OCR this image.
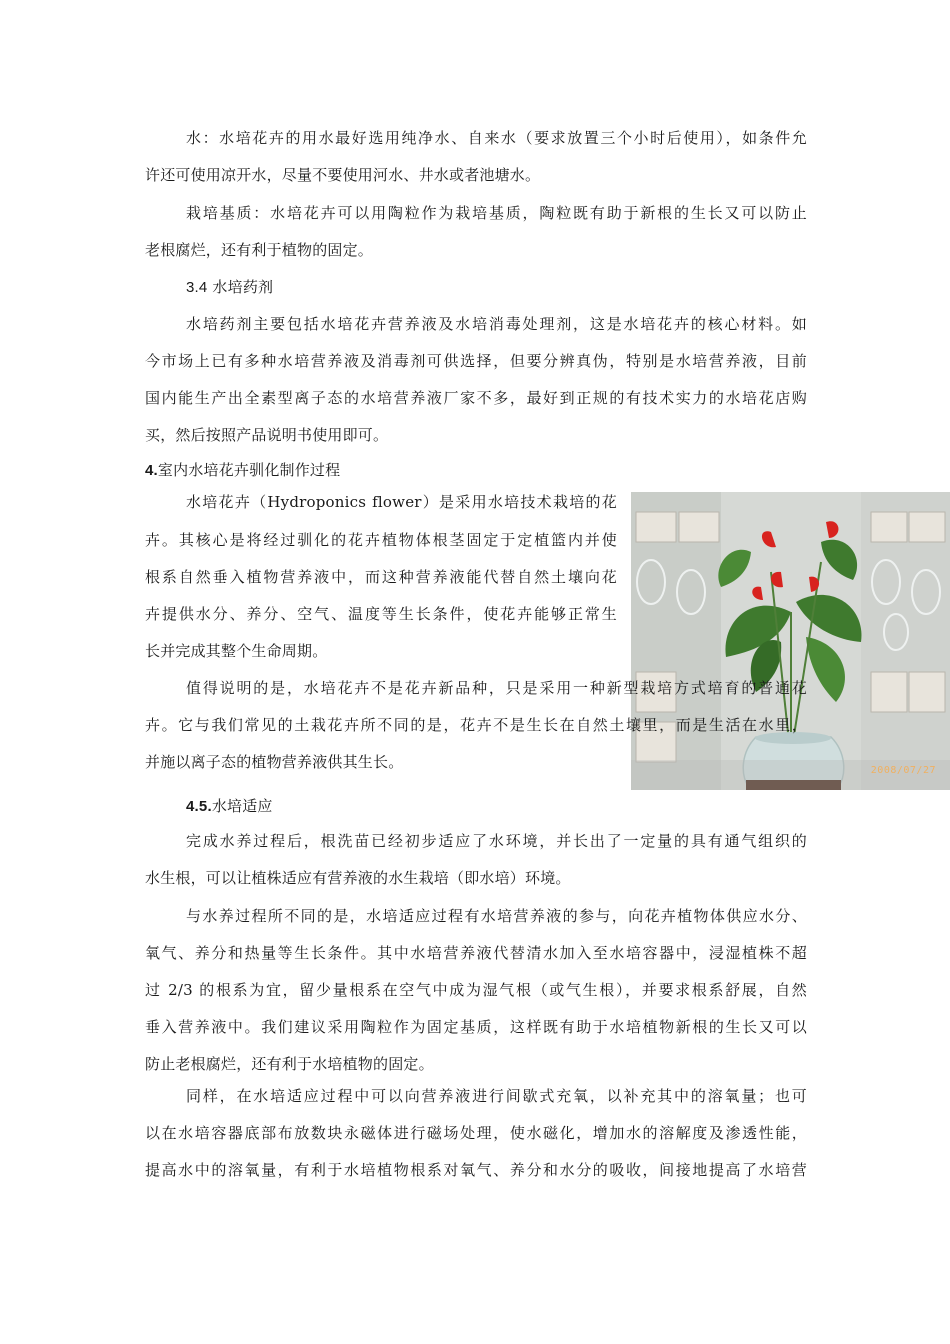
水：水培花卉的用水最好选用纯净水、自来水（要求放置三个小时后使用），如条件允
许还可使用凉开水，尽量不要使用河水、井水或者池塘水。
栽培基质：水培花卉可以用陶粒作为栽培基质，陶粒既有助于新根的生长又可以防止
老根腐烂，还有利于植物的固定。
3.4 水培药剂
水培药剂主要包括水培花卉营养液及水培消毒处理剂，这是水培花卉的核心材料。如
今市场上已有多种水培营养液及消毒剂可供选择，但要分辨真伪，特别是水培营养液，目前
国内能生产出全素型离子态的水培营养液厂家不多，最好到正规的有技术实力的水培花店购
买，然后按照产品说明书使用即可。
4.室内水培花卉驯化制作过程
水培花卉（Hydroponics flower）是采用水培技术栽培的花
卉。其核心是将经过驯化的花卉植物体根茎固定于定植篮内并使
根系自然垂入植物营养液中，而这种营养液能代替自然土壤向花
卉提供水分、养分、空气、温度等生长条件，使花卉能够正常生
长并完成其整个生命周期。
2008/07/27
值得说明的是，水培花卉不是花卉新品种，只是采用一种新型栽培方式培育的普通花
卉。它与我们常见的土栽花卉所不同的是，花卉不是生长在自然土壤里，而是生活在水里，
并施以离子态的植物营养液供其生长。
4.5.水培适应
完成水养过程后，根洗苗已经初步适应了水环境，并长出了一定量的具有通气组织的
水生根，可以让植株适应有营养液的水生栽培（即水培）环境。
与水养过程所不同的是，水培适应过程有水培营养液的参与，向花卉植物体供应水分、
氧气、养分和热量等生长条件。其中水培营养液代替清水加入至水培容器中，浸湿植株不超
过 2/3 的根系为宜，留少量根系在空气中成为湿气根（或气生根），并要求根系舒展，自然
垂入营养液中。我们建议采用陶粒作为固定基质，这样既有助于水培植物新根的生长又可以
防止老根腐烂，还有利于水培植物的固定。
同样，在水培适应过程中可以向营养液进行间歇式充氧，以补充其中的溶氧量；也可
以在水培容器底部布放数块永磁体进行磁场处理，使水磁化，增加水的溶解度及渗透性能，
提高水中的溶氧量，有利于水培植物根系对氧气、养分和水分的吸收，间接地提高了水培营
